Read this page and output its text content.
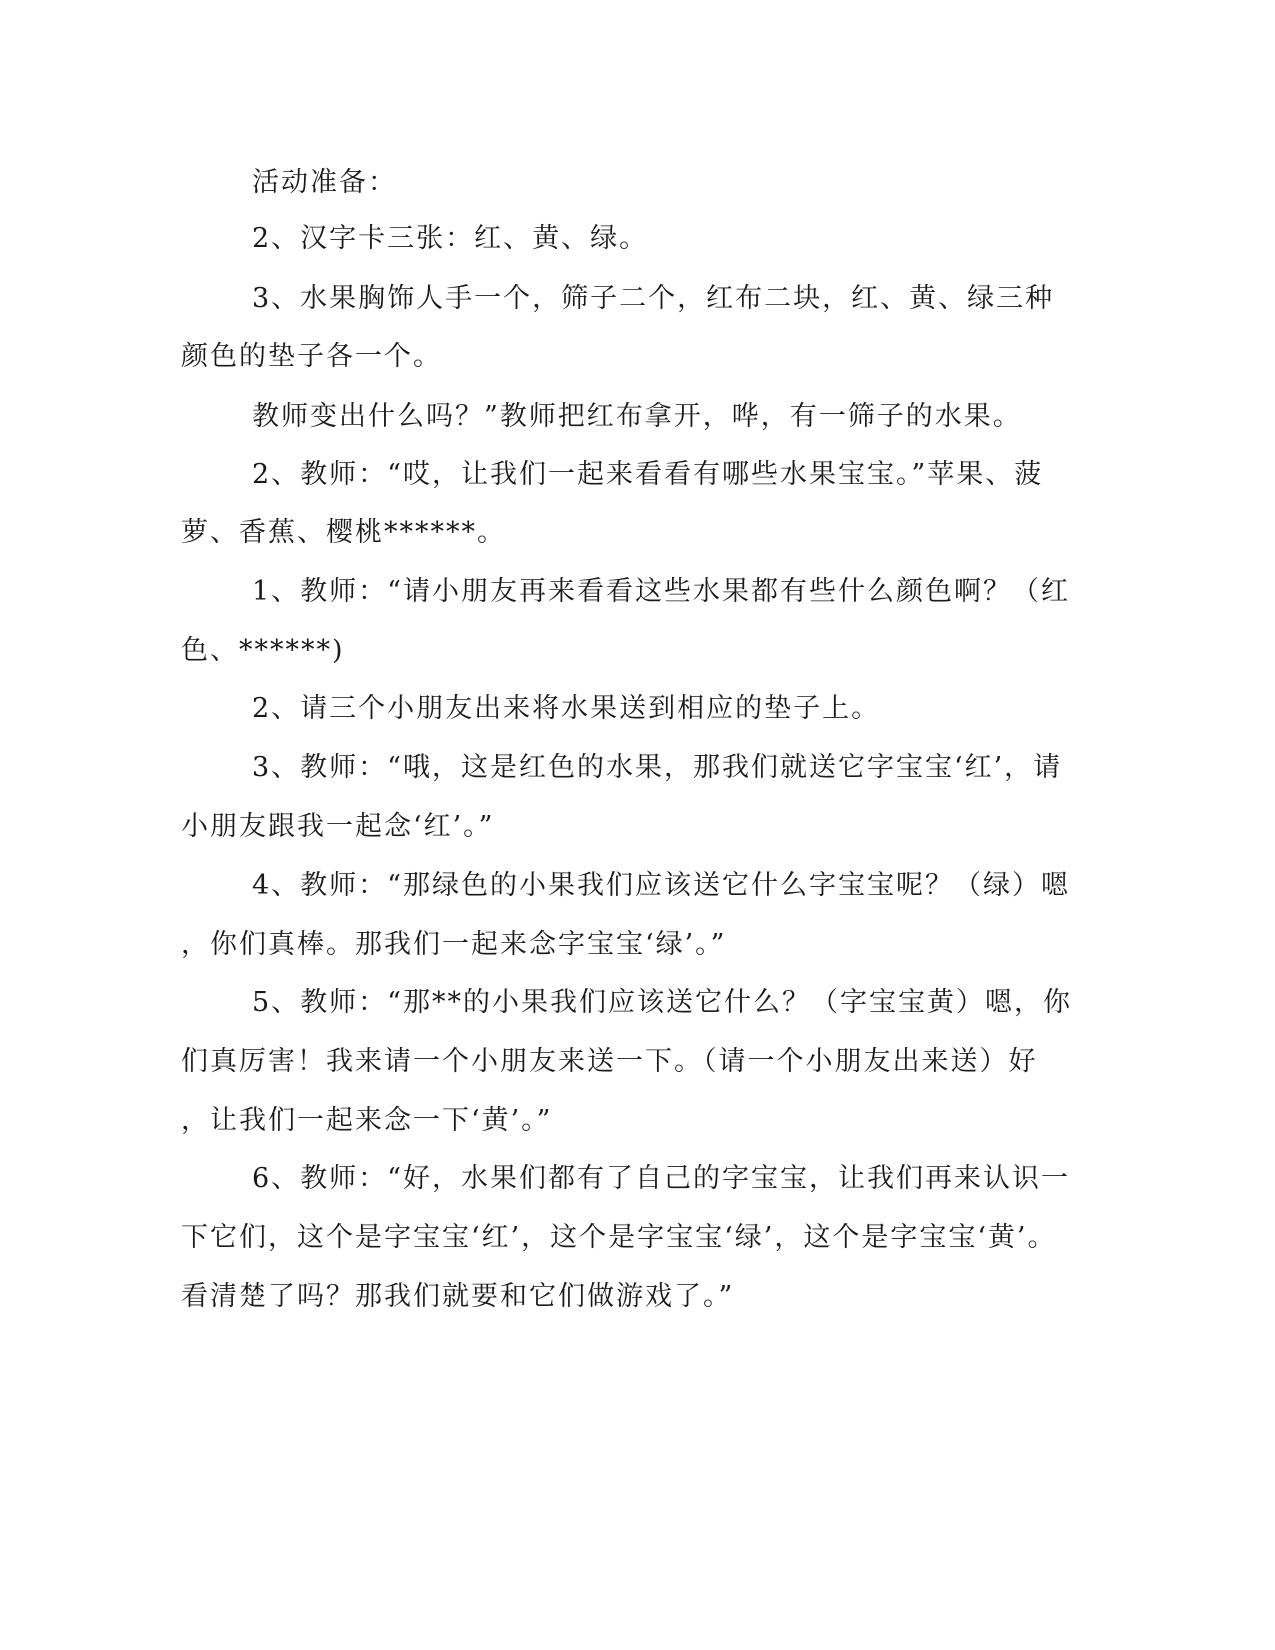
活动准备：
2、汉字卡三张：红、黄、绿。
3、水果胸饰人手一个，筛子二个，红布二块，红、黄、绿三种
颜色的垫子各一个。
教师变出什么吗？”教师把红布拿开，哗，有一筛子的水果。
2、教师：“哎，让我们一起来看看有哪些水果宝宝。”苹果、菠
萝、香蕉、樱桃******。
1、教师：“请小朋友再来看看这些水果都有些什么颜色啊？（红
色、******)
2、请三个小朋友出来将水果送到相应的垫子上。
3、教师：“哦，这是红色的水果，那我们就送它字宝宝‘红’，请
小朋友跟我一起念‘红’。”
4、教师：“那绿色的小果我们应该送它什么字宝宝呢？（绿）嗯
，你们真棒。那我们一起来念字宝宝‘绿’。”
5、教师：“那**的小果我们应该送它什么？（字宝宝黄）嗯，你
们真厉害！我来请一个小朋友来送一下。（请一个小朋友出来送）好
，让我们一起来念一下‘黄’。”
6、教师：“好，水果们都有了自己的字宝宝，让我们再来认识一
下它们，这个是字宝宝‘红’，这个是字宝宝‘绿’，这个是字宝宝‘黄’。
看清楚了吗？那我们就要和它们做游戏了。”
